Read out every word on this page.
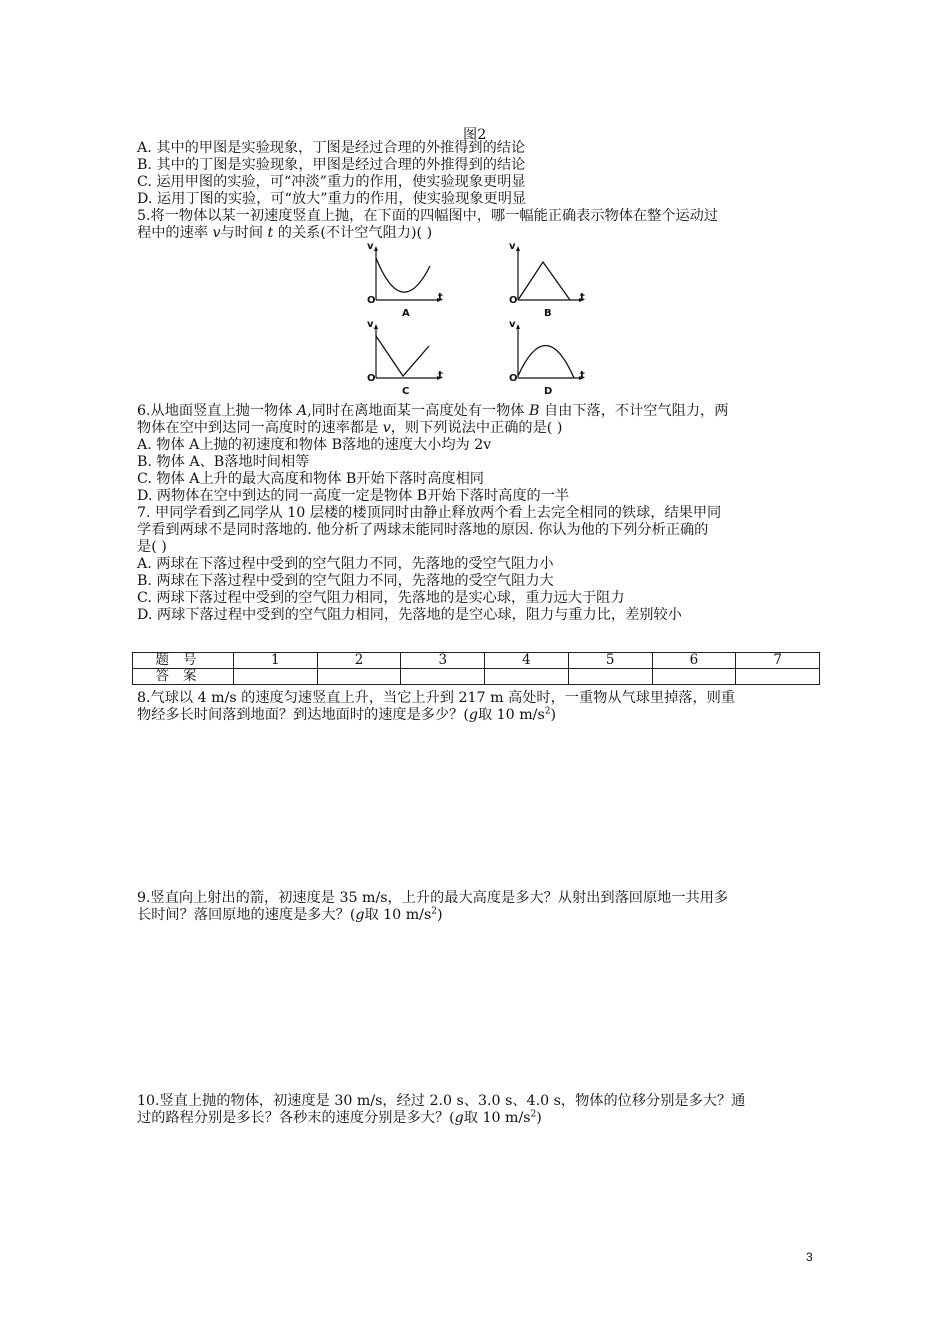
图2
A. 其中的甲图是实验现象，丁图是经过合理的外推得到的结论
B. 其中的丁图是实验现象，甲图是经过合理的外推得到的结论
C. 运用甲图的实验，可“冲淡”重力的作用，使实验现象更明显
D. 运用丁图的实验，可“放大”重力的作用，使实验现象更明显
5.将一物体以某一初速度竖直上抛，在下面的四幅图中，哪一幅能正确表示物体在整个运动过
程中的速率 v与时间 t 的关系(不计空气阻力)( )
v
O	t
A
v
O	t
B
v
O	t
C
v
O	t
D
6.从地面竖直上抛一物体 A,同时在离地面某一高度处有一物体 B 自由下落，不计空气阻力，两
物体在空中到达同一高度时的速率都是 v，则下列说法中正确的是( )
A. 物体 A上抛的初速度和物体 B落地的速度大小均为 2v
B. 物体 A、B落地时间相等
C. 物体 A上升的最大高度和物体 B开始下落时高度相同
D. 两物体在空中到达的同一高度一定是物体 B开始下落时高度的一半
7. 甲同学看到乙同学从 10 层楼的楼顶同时由静止释放两个看上去完全相同的铁球，结果甲同
学看到两球不是同时落地的. 他分析了两球未能同时落地的原因. 你认为他的下列分析正确的
是( )
A. 两球在下落过程中受到的空气阻力不同，先落地的受空气阻力小
B. 两球在下落过程中受到的空气阻力不同，先落地的受空气阻力大
C. 两球下落过程中受到的空气阻力相同，先落地的是实心球，重力远大于阻力
D. 两球下落过程中受到的空气阻力相同，先落地的是空心球，阻力与重力比，差别较小
题号	1	2	3	4	5	6	7
答案							
8.气球以 4 m/s 的速度匀速竖直上升，当它上升到 217 m 高处时，一重物从气球里掉落，则重
物经多长时间落到地面？到达地面时的速度是多少？(g取 10 $m/s^2$)
9.竖直向上射出的箭，初速度是 35 m/s，上升的最大高度是多大？从射出到落回原地一共用多
长时间？落回原地的速度是多大？(g取 10 $m/s^2$)
10.竖直上抛的物体，初速度是 30 m/s，经过 2.0 s、3.0 s、4.0 s，物体的位移分别是多大？通
过的路程分别是多长？各秒末的速度分别是多大？(g取 10 $m/s^2$)
3
